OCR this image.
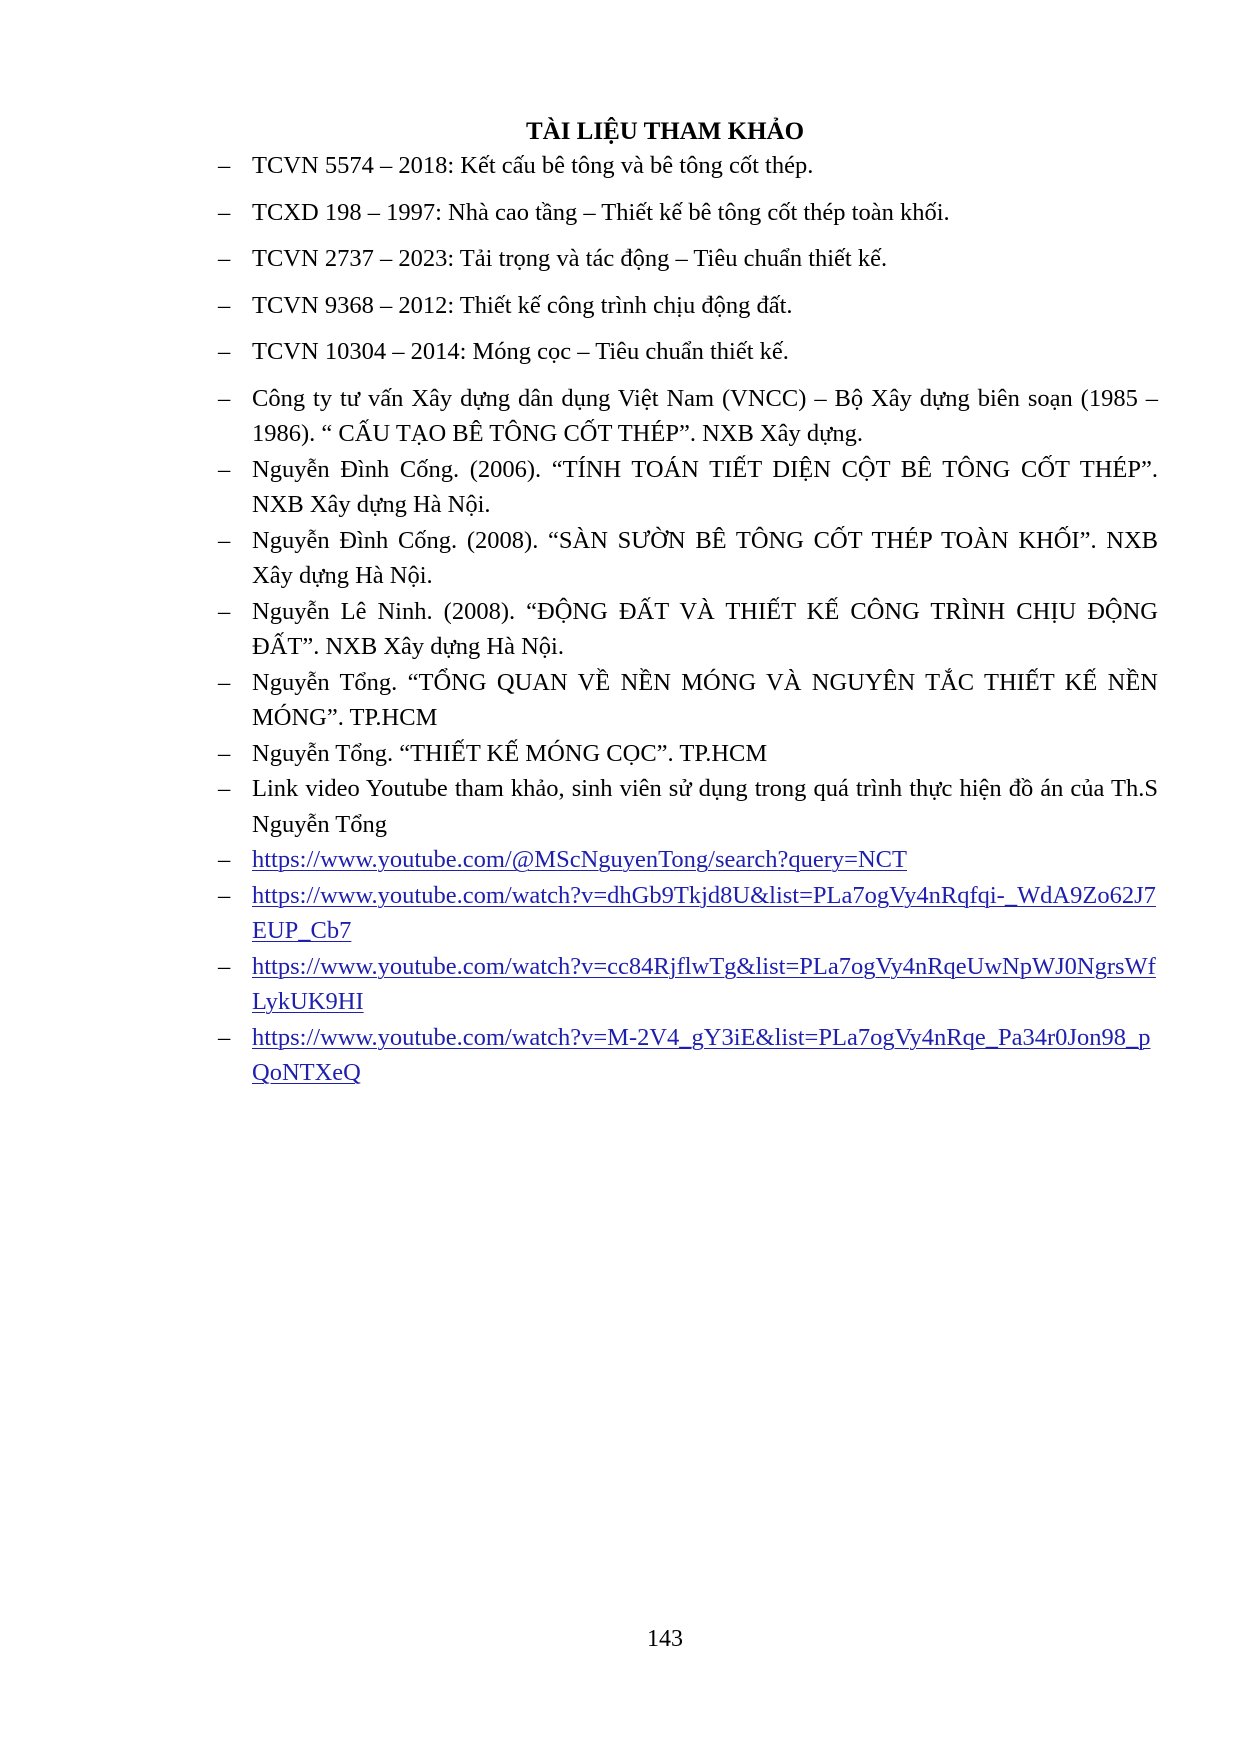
TÀI LIỆU THAM KHẢO
– TCVN 5574 – 2018: Kết cấu bê tông và bê tông cốt thép.
– TCXD 198 – 1997: Nhà cao tầng – Thiết kế bê tông cốt thép toàn khối.
– TCVN 2737 – 2023: Tải trọng và tác động – Tiêu chuẩn thiết kế.
– TCVN 9368 – 2012: Thiết kế công trình chịu động đất.
– TCVN 10304 – 2014: Móng cọc – Tiêu chuẩn thiết kế.
– Công ty tư vấn Xây dựng dân dụng Việt Nam (VNCC) – Bộ Xây dựng biên soạn (1985 – 1986). “ CẤU TẠO BÊ TÔNG CỐT THÉP”. NXB Xây dựng.
– Nguyễn Đình Cống. (2006). “TÍNH TOÁN TIẾT DIỆN CỘT BÊ TÔNG CỐT THÉP”. NXB Xây dựng Hà Nội.
– Nguyễn Đình Cống. (2008). “SÀN SƯỜN BÊ TÔNG CỐT THÉP TOÀN KHỐI”. NXB Xây dựng Hà Nội.
– Nguyễn Lê Ninh. (2008). “ĐỘNG ĐẤT VÀ THIẾT KẾ CÔNG TRÌNH CHỊU ĐỘNG ĐẤT”. NXB Xây dựng Hà Nội.
– Nguyễn Tổng. “TỔNG QUAN VỀ NỀN MÓNG VÀ NGUYÊN TẮC THIẾT KẾ NỀN MÓNG”. TP.HCM
– Nguyễn Tổng. “THIẾT KẾ MÓNG CỌC”. TP.HCM
– Link video Youtube tham khảo, sinh viên sử dụng trong quá trình thực hiện đồ án của Th.S Nguyễn Tổng
– https://www.youtube.com/@MScNguyenTong/search?query=NCT
– https://www.youtube.com/watch?v=dhGb9Tkjd8U&list=PLa7ogVy4nRqfqi-_WdA9Zo62J7EUP_Cb7
– https://www.youtube.com/watch?v=cc84RjflwTg&list=PLa7ogVy4nRqeUwNpWJ0NgrsWfLykUK9HI
– https://www.youtube.com/watch?v=M-2V4_gY3iE&list=PLa7ogVy4nRqe_Pa34r0Jon98_pQoNTXeQ
143
